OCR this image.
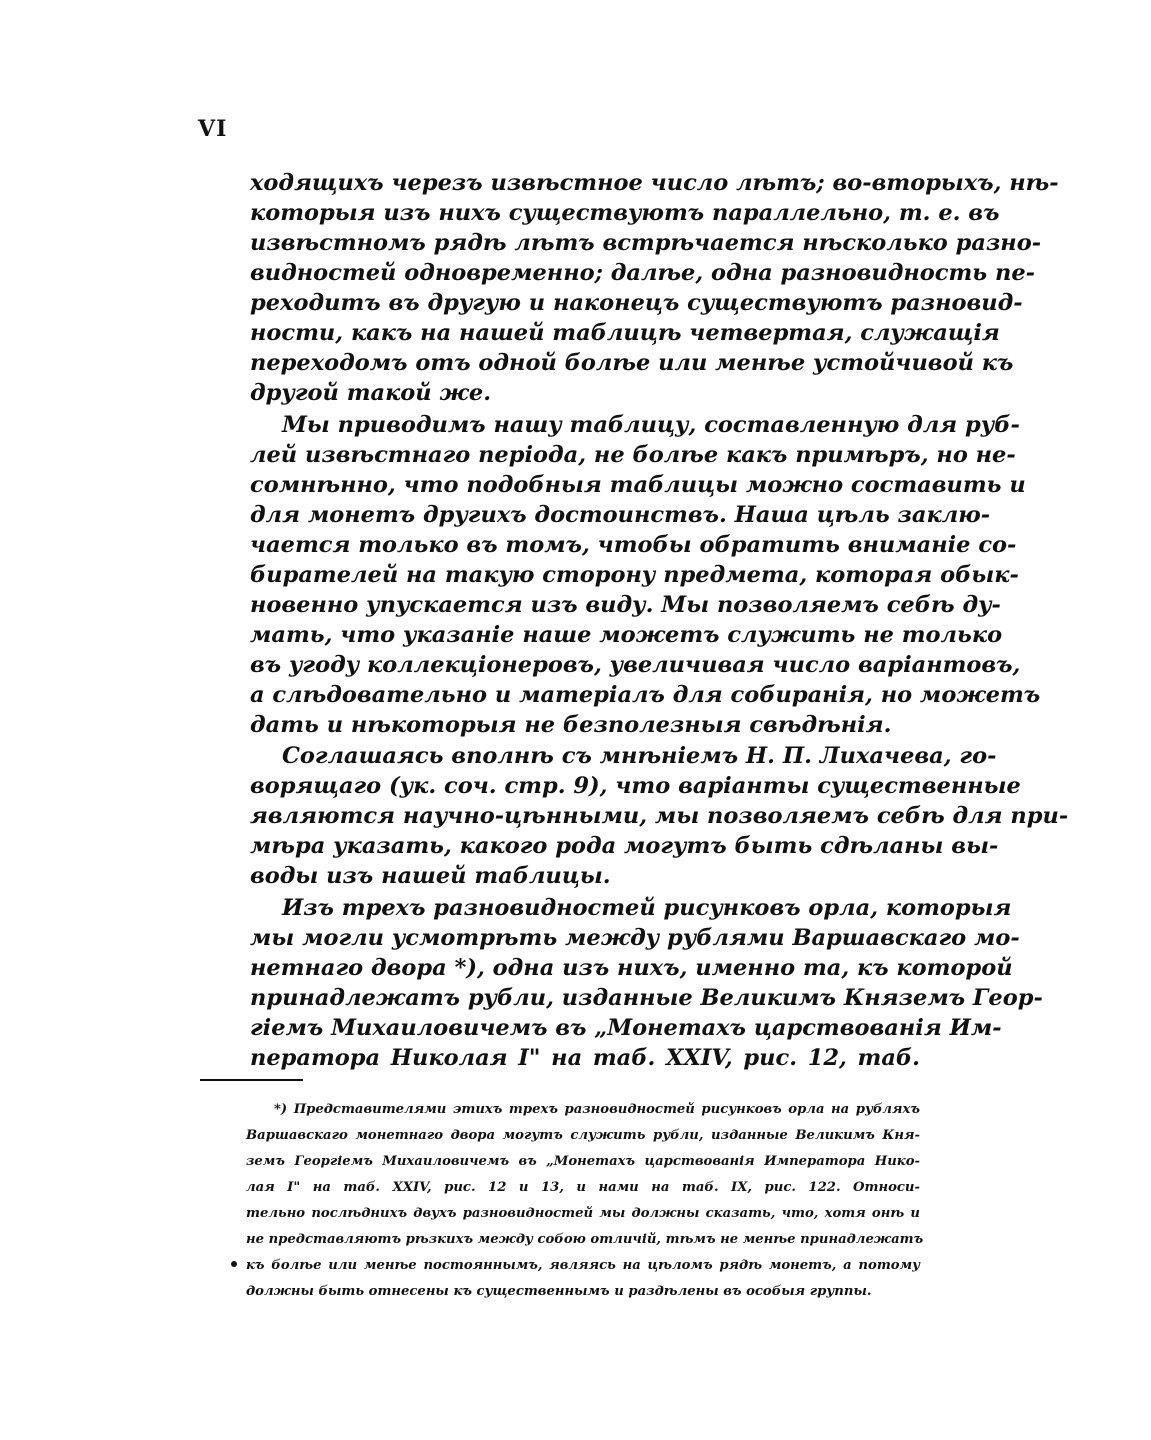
VI
ходящихъ черезъ извѣстное число лѣтъ; во-вторыхъ, нѣ-
которыя изъ нихъ существуютъ параллельно, т. е. въ
извѣстномъ рядѣ лѣтъ встрѣчается нѣсколько разно-
видностей одновременно; далѣе, одна разновидность пе-
реходитъ въ другую и наконецъ существуютъ разновид-
ности, какъ на нашей таблицѣ четвертая, служащія
переходомъ отъ одной болѣе или менѣе устойчивой къ
другой такой же.
Мы приводимъ нашу таблицу, составленную для руб-
лей извѣстнаго періода, не болѣе какъ примѣръ, но не-
сомнѣнно, что подобныя таблицы можно составить и
для монетъ другихъ достоинствъ. Наша цѣль заклю-
чается только въ томъ, чтобы обратить вниманіе со-
бирателей на такую сторону предмета, которая обык-
новенно упускается изъ виду. Мы позволяемъ себѣ ду-
мать, что указаніе наше можетъ служить не только
въ угоду коллекціонеровъ, увеличивая число варіантовъ,
а слѣдовательно и матеріалъ для собиранія, но можетъ
дать и нѣкоторыя не безполезныя свѣдѣнія.
Соглашаясь вполнѣ съ мнѣніемъ Н. П. Лихачева, го-
ворящаго (ук. соч. стр. 9), что варіанты существенные
являются научно-цѣнными, мы позволяемъ себѣ для при-
мѣра указать, какого рода могутъ быть сдѣланы вы-
воды изъ нашей таблицы.
Изъ трехъ разновидностей рисунковъ орла, которыя
мы могли усмотрѣть между рублями Варшавскаго мо-
нетнаго двора *), одна изъ нихъ, именно та, къ которой
принадлежатъ рубли, изданные Великимъ Княземъ Геор-
гіемъ Михаиловичемъ въ „Монетахъ царствованія Им-
ператора Николая I" на таб. XXIV, рис. 12, таб.
*) Представителями этихъ трехъ разновидностей рисунковъ орла на рубляхъ
Варшавскаго монетнаго двора могутъ служить рубли, изданные Великимъ Кня-
земъ Георгіемъ Михаиловичемъ въ „Монетахъ царствованія Императора Нико-
лая I" на таб. XXIV, рис. 12 и 13, и нами на таб. IX, рис. 122. Относи-
тельно послѣднихъ двухъ разновидностей мы должны сказать, что, хотя онѣ и
не представляютъ рѣзкихъ между собою отличій, тѣмъ не менѣе принадлежатъ
къ болѣе или менѣе постояннымъ, являясь на цѣломъ рядѣ монетъ, а потому
должны быть отнесены къ существеннымъ и раздѣлены въ особыя группы.
